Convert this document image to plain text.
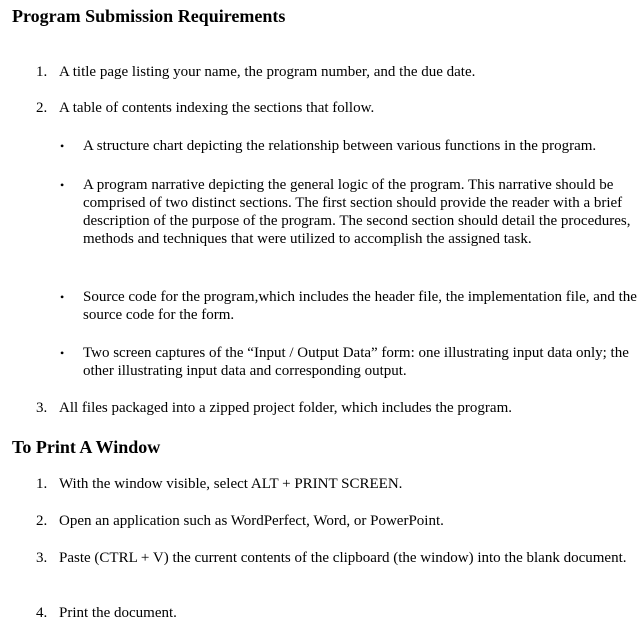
Program Submission Requirements
1. A title page listing your name, the program number, and the due date.
2. A table of contents indexing the sections that follow.
• A structure chart depicting the relationship between various functions in the program.
• A program narrative depicting the general logic of the program. This narrative should be comprised of two distinct sections. The first section should provide the reader with a brief description of the purpose of the program. The second section should detail the procedures, methods and techniques that were utilized to accomplish the assigned task.
• Source code for the program,which includes the header file, the implementation file, and the source code for the form.
• Two screen captures of the “Input / Output Data” form: one illustrating input data only; the other illustrating input data and corresponding output.
3. All files packaged into a zipped project folder, which includes the program.
To Print A Window
1. With the window visible, select ALT + PRINT SCREEN.
2. Open an application such as WordPerfect, Word, or PowerPoint.
3. Paste (CTRL + V) the current contents of the clipboard (the window) into the blank document.
4. Print the document.
